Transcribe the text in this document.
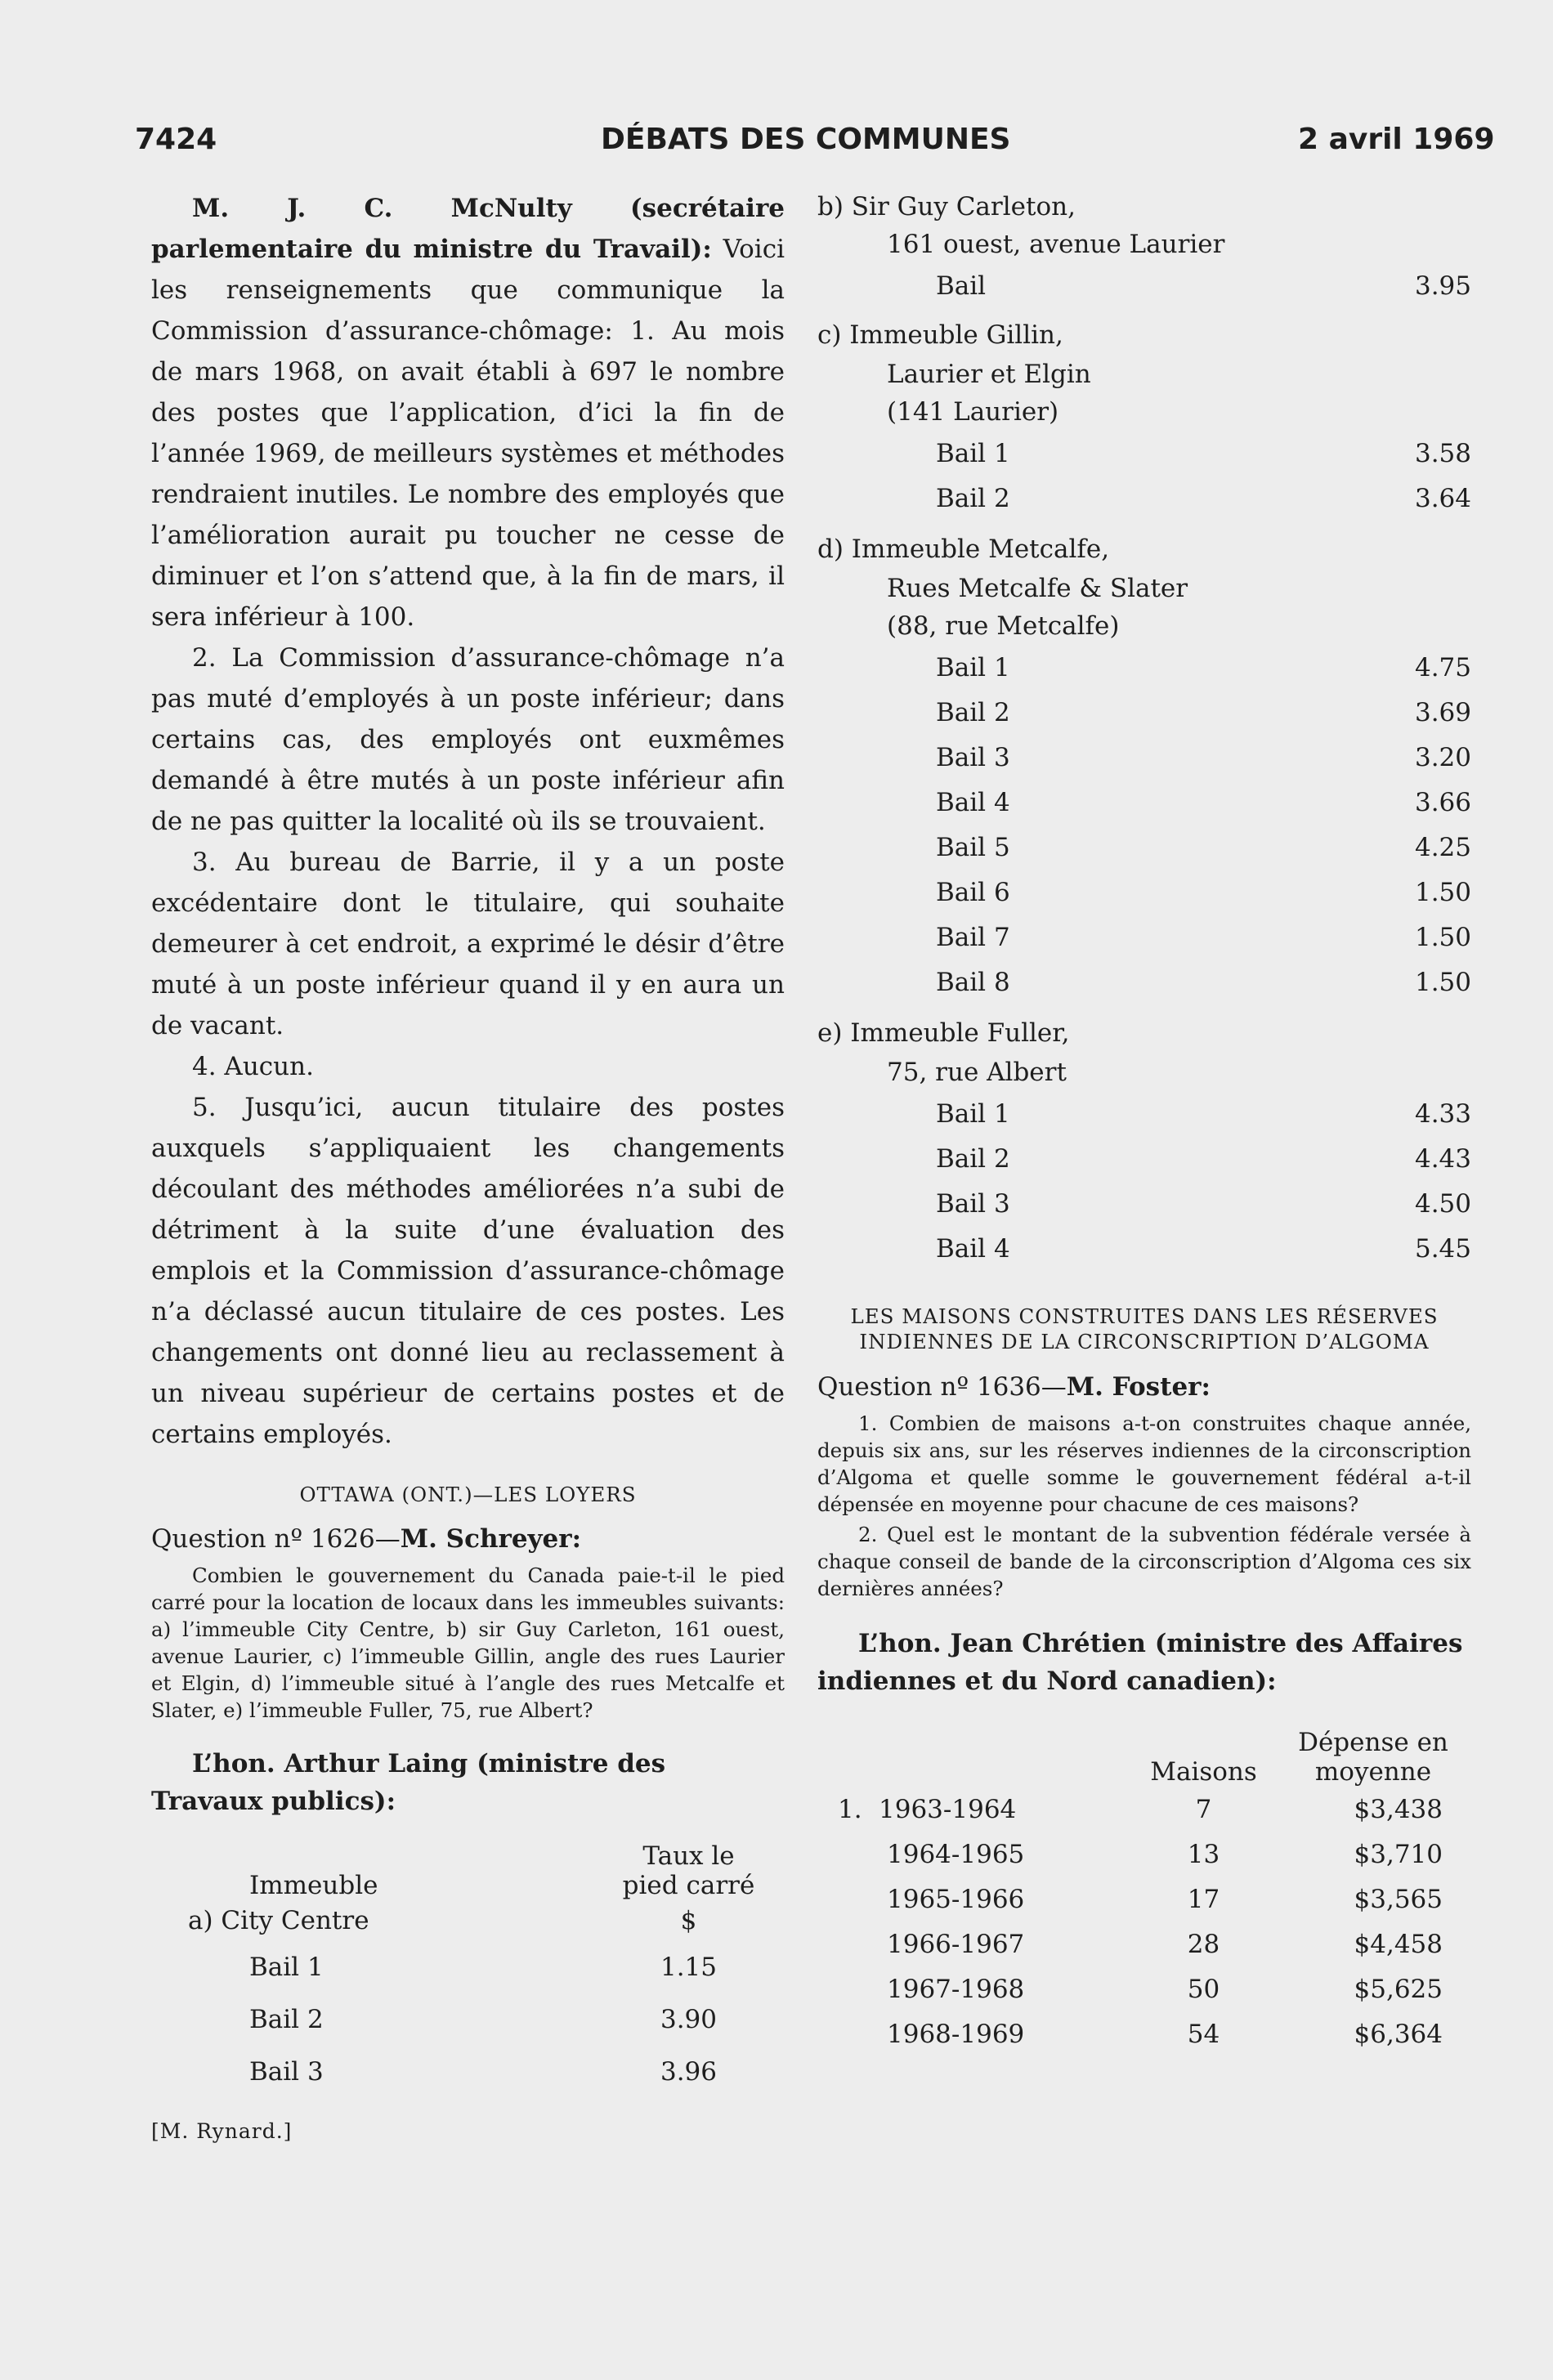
7424	DÉBATS DES COMMUNES	2 avril 1969

M. J. C. McNulty (secrétaire parlementaire du ministre du Travail): Voici les renseignements que communique la Commission d’assurance-chômage: 1. Au mois de mars 1968, on avait établi à 697 le nombre des postes que l’application, d’ici la fin de l’année 1969, de meilleurs systèmes et méthodes rendraient inutiles. Le nombre des employés que l’amélioration aurait pu toucher ne cesse de diminuer et l’on s’attend que, à la fin de mars, il sera inférieur à 100.

2. La Commission d’assurance-chômage n’a pas muté d’employés à un poste inférieur; dans certains cas, des employés ont euxmêmes demandé à être mutés à un poste inférieur afin de ne pas quitter la localité où ils se trouvaient.

3. Au bureau de Barrie, il y a un poste excédentaire dont le titulaire, qui souhaite demeurer à cet endroit, a exprimé le désir d’être muté à un poste inférieur quand il y en aura un de vacant.

4. Aucun.

5. Jusqu’ici, aucun titulaire des postes auxquels s’appliquaient les changements découlant des méthodes améliorées n’a subi de détriment à la suite d’une évaluation des emplois et la Commission d’assurance-chômage n’a déclassé aucun titulaire de ces postes. Les changements ont donné lieu au reclassement à un niveau supérieur de certains postes et de certains employés.

OTTAWA (ONT.)—LES LOYERS

Question nº 1626—M. Schreyer:

Combien le gouvernement du Canada paie-t-il le pied carré pour la location de locaux dans les immeubles suivants: a) l’immeuble City Centre, b) sir Guy Carleton, 161 ouest, avenue Laurier, c) l’immeuble Gillin, angle des rues Laurier et Elgin, d) l’immeuble situé à l’angle des rues Metcalfe et Slater, e) l’immeuble Fuller, 75, rue Albert?

L’hon. Arthur Laing (ministre des Travaux publics):

Immeuble	Taux le
pied carré

a) City Centre	$
Bail 1	1.15
Bail 2	3.90
Bail 3	3.96

[M. Rynard.]

b) Sir Guy Carleton,	
161 ouest, avenue Laurier	
Bail	3.95
c) Immeuble Gillin,	
Laurier et Elgin	
(141 Laurier)	
Bail 1	3.58
Bail 2	3.64
d) Immeuble Metcalfe,	
Rues Metcalfe & Slater	
(88, rue Metcalfe)	
Bail 1	4.75
Bail 2	3.69
Bail 3	3.20
Bail 4	3.66
Bail 5	4.25
Bail 6	1.50
Bail 7	1.50
Bail 8	1.50
e) Immeuble Fuller,	
75, rue Albert	
Bail 1	4.33
Bail 2	4.43
Bail 3	4.50
Bail 4	5.45

LES MAISONS CONSTRUITES DANS LES RÉSERVES INDIENNES DE LA CIRCONSCRIPTION D’ALGOMA

Question nº 1636—M. Foster:

1. Combien de maisons a-t-on construites chaque année, depuis six ans, sur les réserves indiennes de la circonscription d’Algoma et quelle somme le gouvernement fédéral a-t-il dépensée en moyenne pour chacune de ces maisons?

2. Quel est le montant de la subvention fédérale versée à chaque conseil de bande de la circonscription d’Algoma ces six dernières années?

L’hon. Jean Chrétien (ministre des Affaires indiennes et du Nord canadien):

	Maisons	Dépense en
moyenne

1. 1963-1964	7	$3,438
1964-1965	13	$3,710
1965-1966	17	$3,565
1966-1967	28	$4,458
1967-1968	50	$5,625
1968-1969	54	$6,364
